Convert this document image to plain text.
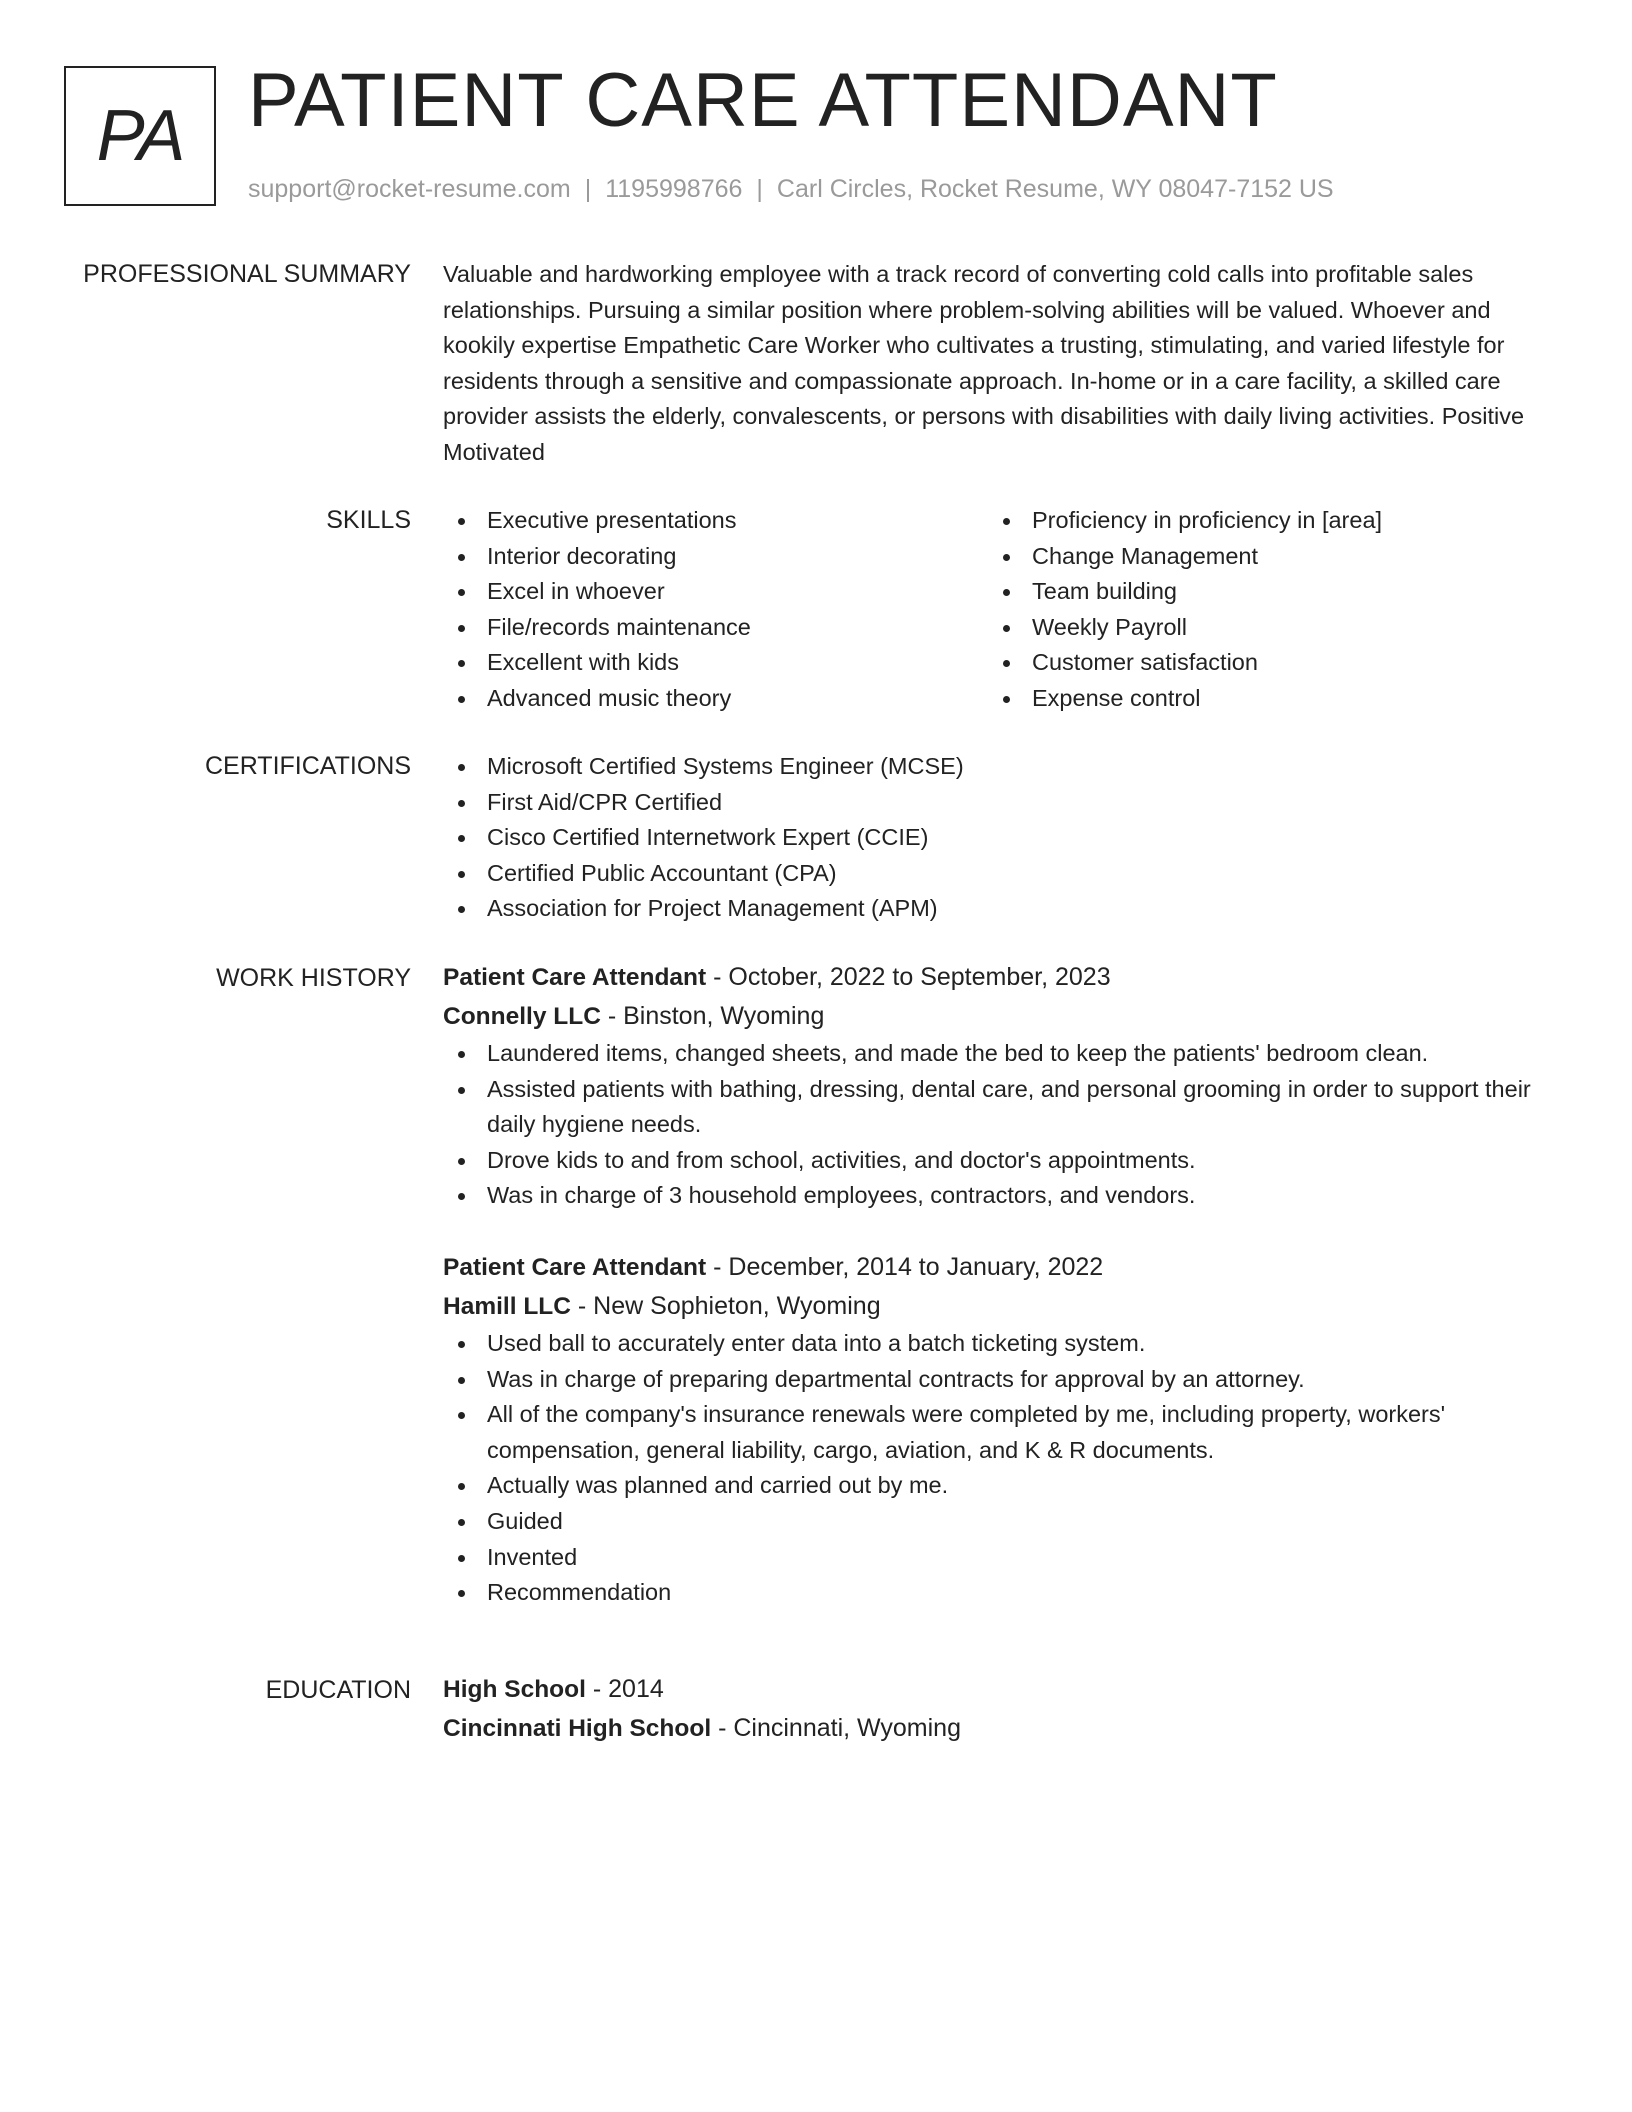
PA PATIENT CARE ATTENDANT
support@rocket-resume.com | 1195998766 | Carl Circles, Rocket Resume, WY 08047-7152 US
PROFESSIONAL SUMMARY Valuable and hardworking employee with a track record of converting cold calls into profitable sales relationships. Pursuing a similar position where problem-solving abilities will be valued. Whoever and kookily expertise Empathetic Care Worker who cultivates a trusting, stimulating, and varied lifestyle for residents through a sensitive and compassionate approach. In-home or in a care facility, a skilled care provider assists the elderly, convalescents, or persons with disabilities with daily living activities. Positive Motivated

SKILLS	Executive presentations
Interior decorating
Excel in whoever
File/records maintenance
Excellent with kids
Advanced music theory
Proficiency in proficiency in [area]
Change Management
Team building
Weekly Payroll
Customer satisfaction
Expense control
CERTIFICATIONS	Microsoft Certified Systems Engineer (MCSE)
First Aid/CPR Certified
Cisco Certified Internetwork Expert (CCIE)
Certified Public Accountant (CPA)
Association for Project Management (APM)
WORK HISTORY Patient Care Attendant - October, 2022 to September, 2023
Connelly LLC - Binston, Wyoming
Laundered items, changed sheets, and made the bed to keep the patients' bedroom clean.
Assisted patients with bathing, dressing, dental care, and personal grooming in order to support their daily hygiene needs.
Drove kids to and from school, activities, and doctor's appointments.
Was in charge of 3 household employees, contractors, and vendors.
Patient Care Attendant - December, 2014 to January, 2022
Hamill LLC - New Sophieton, Wyoming
Used ball to accurately enter data into a batch ticketing system.
Was in charge of preparing departmental contracts for approval by an attorney.
All of the company's insurance renewals were completed by me, including property, workers' compensation, general liability, cargo, aviation, and K & R documents.
Actually was planned and carried out by me.
Guided
Invented
Recommendation
EDUCATION High School - 2014
Cincinnati High School - Cincinnati, Wyoming
